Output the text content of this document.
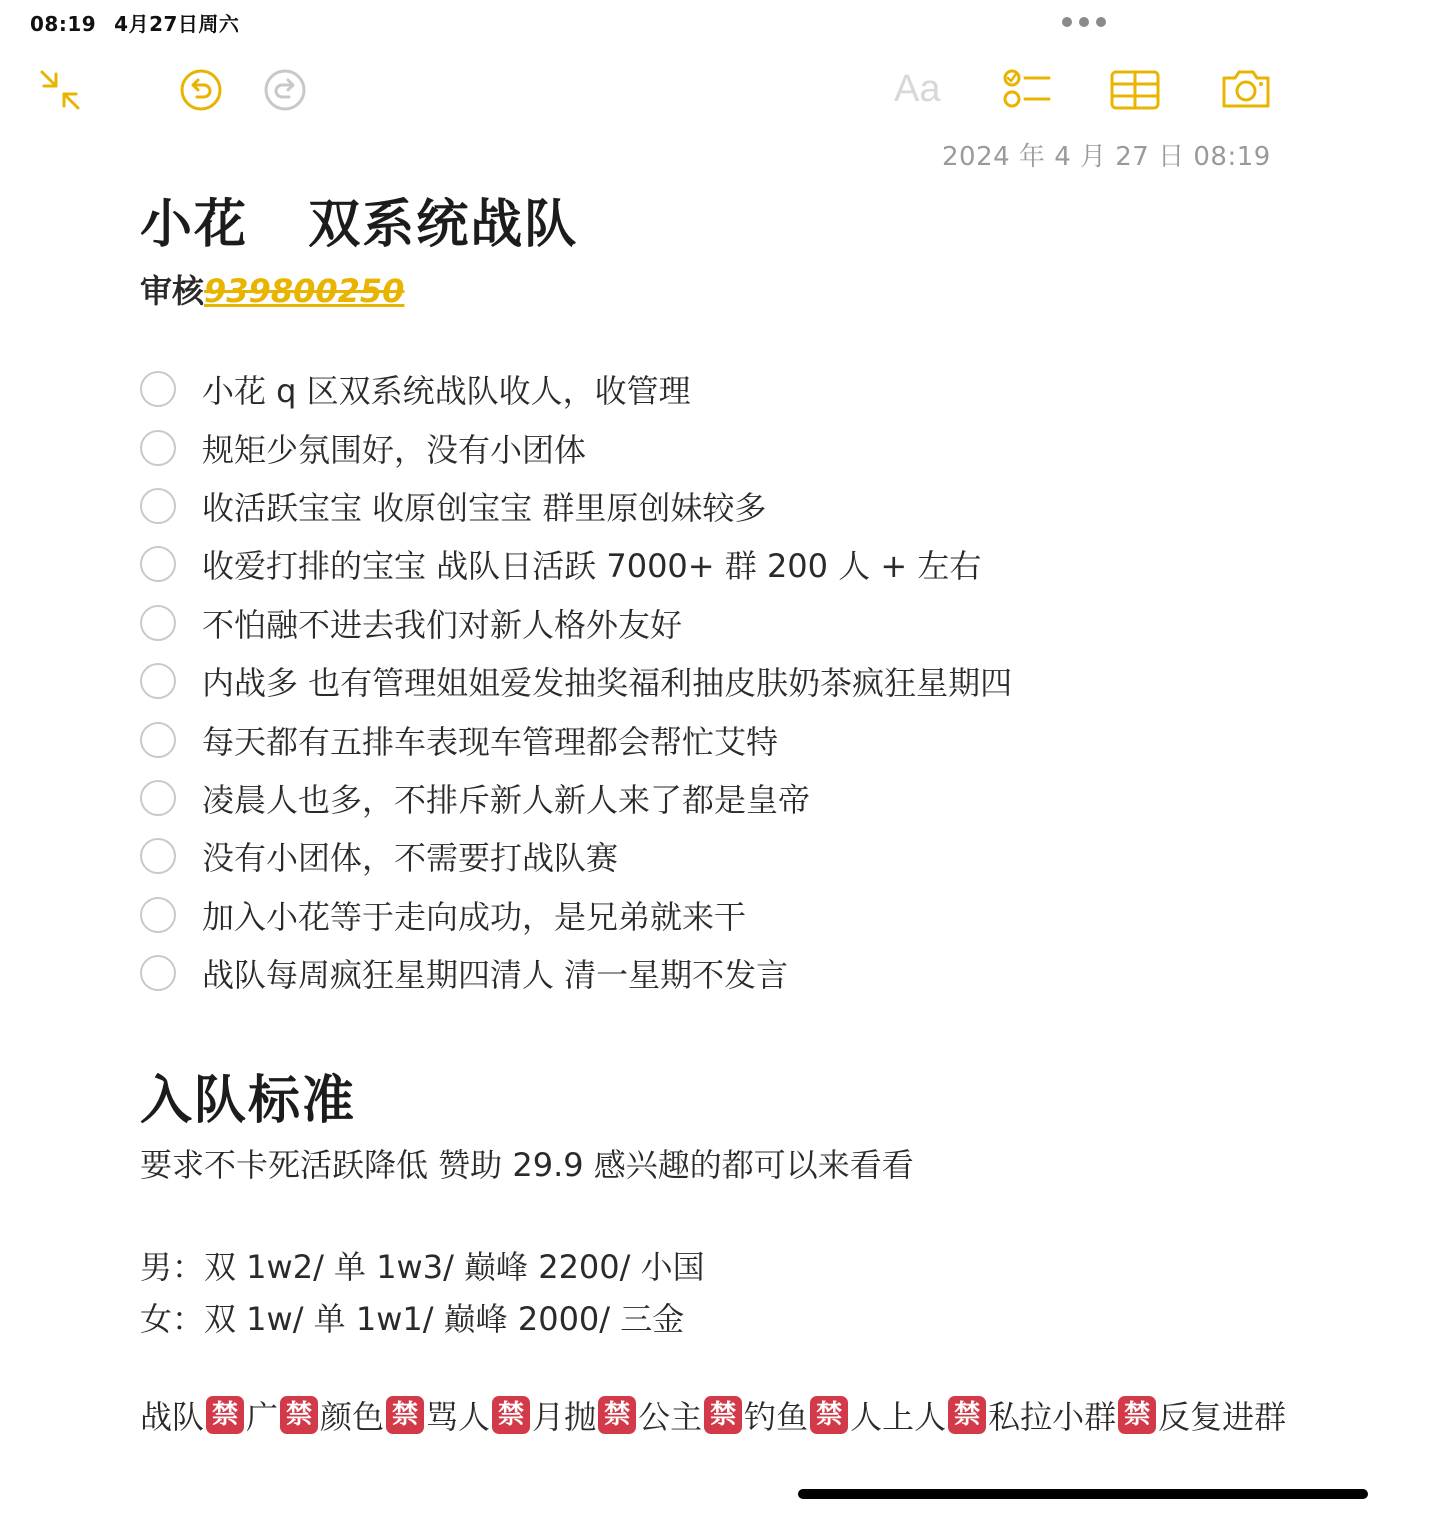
08:19 4月27日周六
Aa
2024 年 4 月 27 日 08:19
小花   双系统战队
审核939800250
小花 q 区双系统战队收人，收管理
规矩少氛围好，没有小团体
收活跃宝宝 收原创宝宝 群里原创妹较多
收爱打排的宝宝 战队日活跃 7000+ 群 200 人 + 左右
不怕融不进去我们对新人格外友好
内战多 也有管理姐姐爱发抽奖福利抽皮肤奶茶疯狂星期四
每天都有五排车表现车管理都会帮忙艾特
凌晨人也多，不排斥新人新人来了都是皇帝
没有小团体，不需要打战队赛
加入小花等于走向成功，是兄弟就来干
战队每周疯狂星期四清人 清一星期不发言
入队标准
要求不卡死活跃降低 赞助 29.9 感兴趣的都可以来看看
男：双 1w2/ 单 1w3/ 巅峰 2200/ 小国
女：双 1w/ 单 1w1/ 巅峰 2000/ 三金
战队 禁 广 禁 颜色 禁 骂人 禁 月抛 禁 公主 禁 钓鱼 禁 人上人 禁 私拉小群 禁 反复进群
